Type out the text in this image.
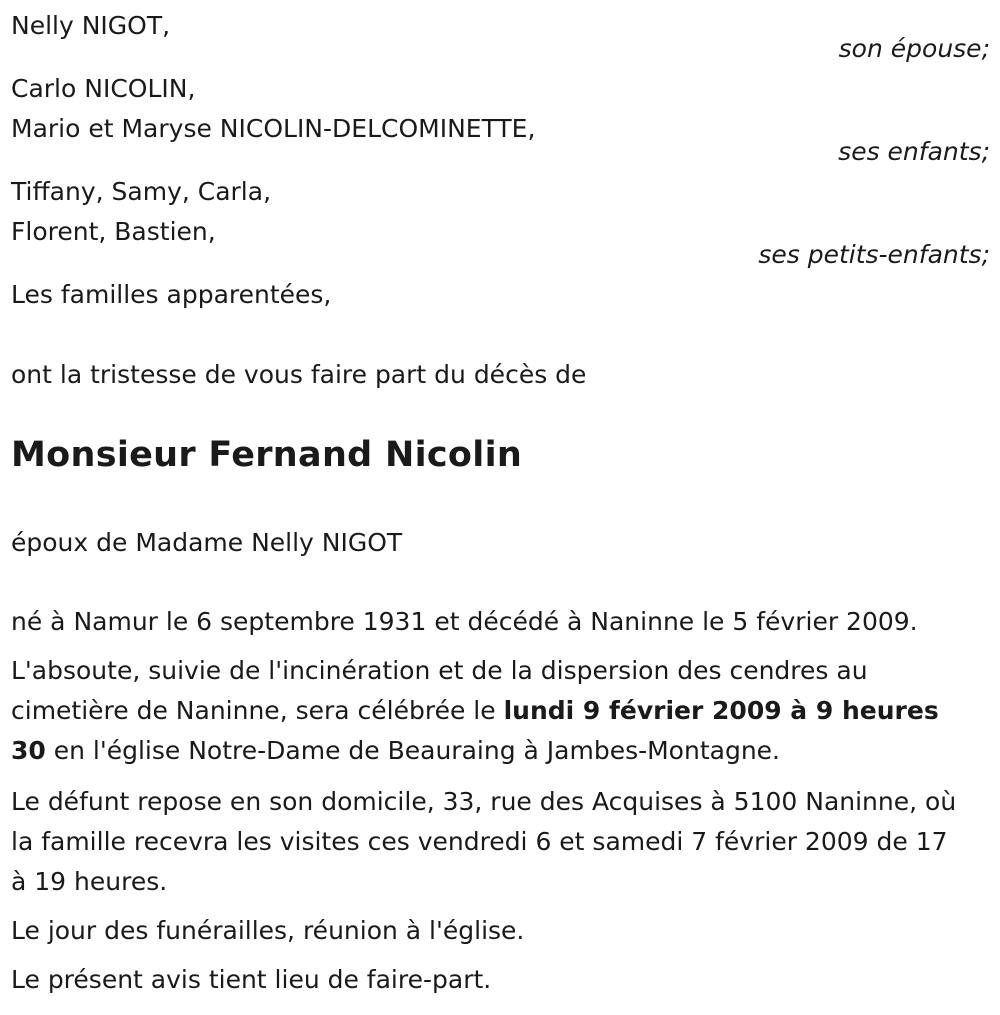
Nelly NIGOT,
son épouse;
Carlo NICOLIN,
Mario et Maryse NICOLIN-DELCOMINETTE,
ses enfants;
Tiffany, Samy, Carla,
Florent, Bastien,
ses petits-enfants;
Les familles apparentées,
ont la tristesse de vous faire part du décès de
Monsieur Fernand Nicolin
époux de Madame Nelly NIGOT
né à Namur le 6 septembre 1931 et décédé à Naninne le 5 février 2009.
L'absoute, suivie de l'incinération et de la dispersion des cendres au cimetière de Naninne, sera célébrée le lundi 9 février 2009 à 9 heures 30 en l'église Notre-Dame de Beauraing à Jambes-Montagne.
Le défunt repose en son domicile, 33, rue des Acquises à 5100 Naninne, où la famille recevra les visites ces vendredi 6 et samedi 7 février 2009 de 17 à 19 heures.
Le jour des funérailles, réunion à l'église.
Le présent avis tient lieu de faire-part.
